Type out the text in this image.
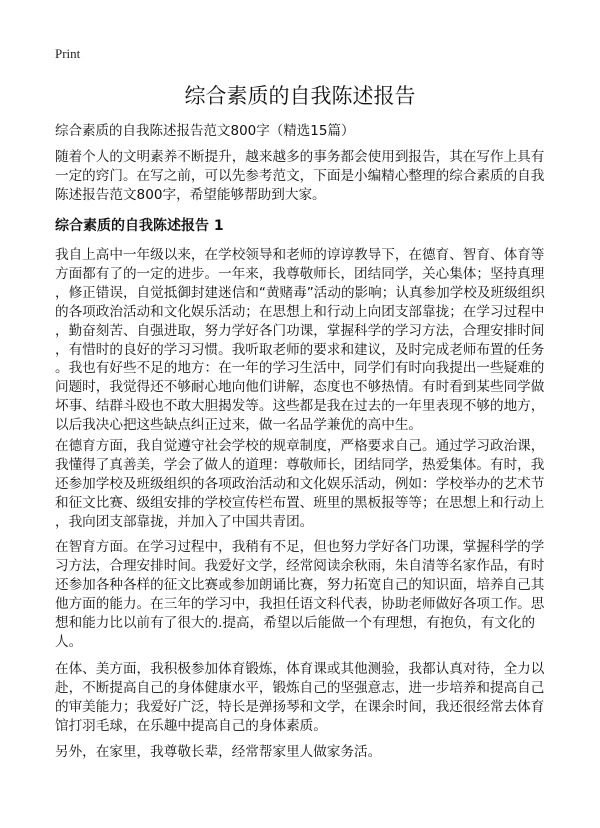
Print
综合素质的自我陈述报告
综合素质的自我陈述报告范文800字（精选15篇）
随着个人的文明素养不断提升，越来越多的事务都会使用到报告，其在写作上具有
一定的窍门。在写之前，可以先参考范文，下面是小编精心整理的综合素质的自我
陈述报告范文800字，希望能够帮助到大家。
综合素质的自我陈述报告 1
我自上高中一年级以来，在学校领导和老师的谆谆教导下，在德育、智育、体育等
方面都有了的一定的进步。一年来，我尊敬师长，团结同学，关心集体；坚持真理
，修正错误，自觉抵御封建迷信和“黄赌毒”活动的影响；认真参加学校及班级组织
的各项政治活动和文化娱乐活动；在思想上和行动上向团支部靠拢；在学习过程中
，勤奋刻苦、自强进取，努力学好各门功课，掌握科学的学习方法，合理安排时间
，有惜时的良好的学习习惯。我听取老师的要求和建议，及时完成老师布置的任务
。我也有好些不足的地方：在一年的学习生活中，同学们有时向我提出一些疑难的
问题时，我觉得还不够耐心地向他们讲解，态度也不够热情。有时看到某些同学做
坏事、结群斗殴也不敢大胆揭发等。这些都是我在过去的一年里表现不够的地方，
以后我决心把这些缺点纠正过来，做一名品学兼优的高中生。
在德育方面，我自觉遵守社会学校的规章制度，严格要求自己。通过学习政治课，
我懂得了真善美，学会了做人的道理：尊敬师长，团结同学，热爱集体。有时，我
还参加学校及班级组织的各项政治活动和文化娱乐活动，例如：学校举办的艺术节
和征文比赛、级组安排的学校宣传栏布置、班里的黑板报等等；在思想上和行动上
，我向团支部靠拢，并加入了中国共青团。
在智育方面。在学习过程中，我稍有不足，但也努力学好各门功课，掌握科学的学
习方法，合理安排时间。我爱好文学，经常阅读余秋雨，朱自清等名家作品，有时
还参加各种各样的征文比赛或参加朗诵比赛，努力拓宽自己的知识面，培养自己其
他方面的能力。在三年的学习中，我担任语文科代表，协助老师做好各项工作。思
想和能力比以前有了很大的.提高，希望以后能做一个有理想，有抱负，有文化的
人。
在体、美方面，我积极参加体育锻炼，体育课或其他测验，我都认真对待，全力以
赴，不断提高自己的身体健康水平，锻炼自己的坚强意志，进一步培养和提高自己
的审美能力；我爱好广泛，特长是弹扬琴和文学，在课余时间，我还很经常去体育
馆打羽毛球，在乐趣中提高自己的身体素质。
另外，在家里，我尊敬长辈，经常帮家里人做家务活。
